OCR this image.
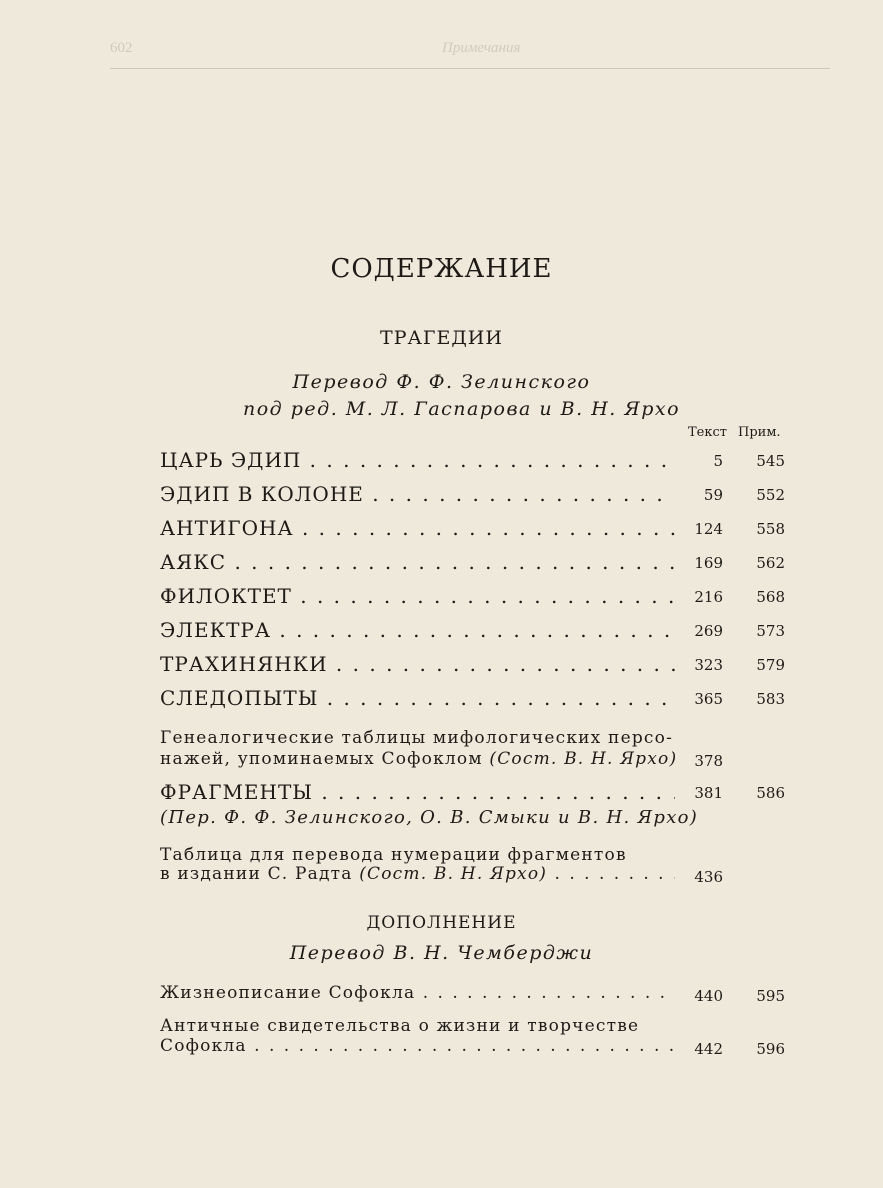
602	Примечания
СОДЕРЖАНИЕ
ТРАГЕДИИ
Перевод Ф. Ф. Зелинского
под ред. М. Л. Гаспарова и В. Н. Ярхо
Текст Прим.
ЦАРЬ ЭДИП . . .	5	545
ЭДИП В КОЛОНЕ . . .	59	552
АНТИГОНА . . .	124	558
АЯКС . . .	169	562
ФИЛОКТЕТ . . .	216	568
ЭЛЕКТРА . . .	269	573
ТРАХИНЯНКИ . . .	323	579
СЛЕДОПЫТЫ . . .	365	583
Генеалогические таблицы мифологических персо-
нажей, упоминаемых Софоклом (Сост. В. Н. Ярхо)	378
ФРАГМЕНТЫ . . .	381	586
(Пер. Ф. Ф. Зелинского, О. В. Смыки и В. Н. Ярхо)
Таблица для перевода нумерации фрагментов
в издании С. Радта (Сост. В. Н. Ярхо) . . .	436
ДОПОЛНЕНИЕ
Перевод В. Н. Чемберджи
Жизнеописание Софокла . . .	440	595
Античные свидетельства о жизни и творчестве
Софокла . . .	442	596
